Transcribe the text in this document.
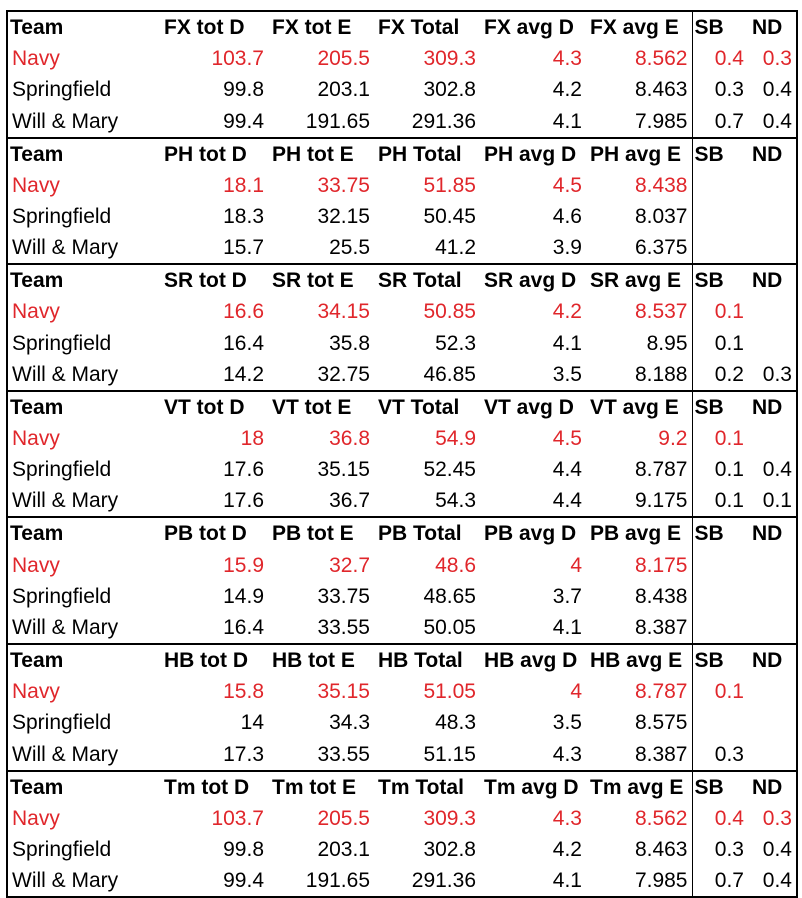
Team	FX tot D	FX tot E	FX Total	FX avg D	FX avg E	SB	ND
Navy	103.7	205.5	309.3	4.3	8.562	0.4	0.3
Springfield	99.8	203.1	302.8	4.2	8.463	0.3	0.4
Will & Mary	99.4	191.65	291.36	4.1	7.985	0.7	0.4
Team	PH tot D	PH tot E	PH Total	PH avg D	PH avg E	SB	ND
Navy	18.1	33.75	51.85	4.5	8.438		
Springfield	18.3	32.15	50.45	4.6	8.037		
Will & Mary	15.7	25.5	41.2	3.9	6.375		
Team	SR tot D	SR tot E	SR Total	SR avg D	SR avg E	SB	ND
Navy	16.6	34.15	50.85	4.2	8.537	0.1	
Springfield	16.4	35.8	52.3	4.1	8.95	0.1	
Will & Mary	14.2	32.75	46.85	3.5	8.188	0.2	0.3
Team	VT tot D	VT tot E	VT Total	VT avg D	VT avg E	SB	ND
Navy	18	36.8	54.9	4.5	9.2	0.1	
Springfield	17.6	35.15	52.45	4.4	8.787	0.1	0.4
Will & Mary	17.6	36.7	54.3	4.4	9.175	0.1	0.1
Team	PB tot D	PB tot E	PB Total	PB avg D	PB avg E	SB	ND
Navy	15.9	32.7	48.6	4	8.175		
Springfield	14.9	33.75	48.65	3.7	8.438		
Will & Mary	16.4	33.55	50.05	4.1	8.387		
Team	HB tot D	HB tot E	HB Total	HB avg D	HB avg E	SB	ND
Navy	15.8	35.15	51.05	4	8.787	0.1	
Springfield	14	34.3	48.3	3.5	8.575		
Will & Mary	17.3	33.55	51.15	4.3	8.387	0.3	
Team	Tm tot D	Tm tot E	Tm Total	Tm avg D	Tm avg E	SB	ND
Navy	103.7	205.5	309.3	4.3	8.562	0.4	0.3
Springfield	99.8	203.1	302.8	4.2	8.463	0.3	0.4
Will & Mary	99.4	191.65	291.36	4.1	7.985	0.7	0.4
